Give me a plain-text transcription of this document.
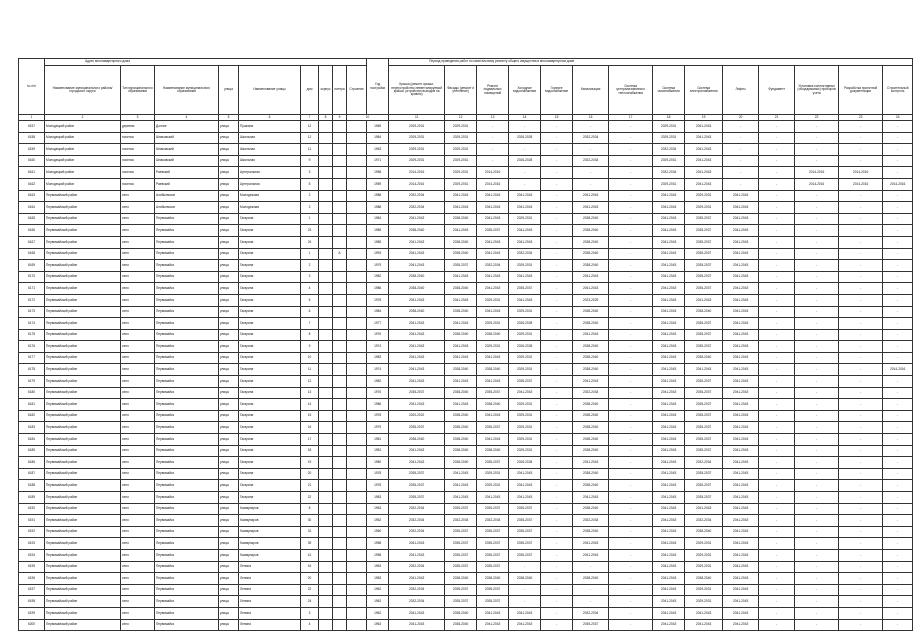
№ п/п	Адрес многоквартирного дома									Год постройки	Период проведения работ по капитальному ремонту общего имущества в многоквартирном доме													
	Наименование муниципального района/городского округа	Тип муниципального образования	Наименование муниципального образования	улица	Наименование улицы	дом	корпус	литера	Строение		Крыша (ремонт крыши, переустройство невентилируемой крыши, устройство выходов на кровлю)	Фасады (ремонт и утепление)	Ремонт подвальных помещений	Холодное водоснабжение	Горячее водоснабжение	Канализация	Система централизованного теплоснабжения	Система газоснабжения	Система электроснабжения	Лифты	Фундамент	Установка коллективных (общедомовых) приборов учета	Разработка проектной документации	Строительный контроль
1	2	3	4	5	6	7	8	9	10		11	12	13	14	15	16	17	18	19	20	21	22	23	24
6157	Молодецкий район	деревня	Долгие	улица	Пушкина	12				1965	2029-2031	2029-2031	-	-	-	-	-	2029-2031	2041-2043	-	-	-	-	-
6158	Молодецкий район	поселок	Шпаковский	улица	Школьная	12				1984	2029-2031	2029-2031	-	2026-2028	-	2032-2034	-	2029-2031	2041-2043	-	-	-	-	-
6159	Молодецкий район	поселок	Шпаковский	улица	Школьная	11				1963	2029-2031	2029-2031	-	-	-	-	-	2032-2034	2041-2043	-	-	-	-	-
6160	Молодецкий район	поселок	Шпаковский	улица	Школьная	9				1971	2029-2031	2029-2031	-	2026-2028	-	2032-2034	-	2029-2031	2041-2043	-	-	-	-	-
6161	Молодецкий район	поселок	Раевский	улица	Центральная	3				1958	2014-2016	2029-2031	2014-2016	-	-	-	-	2032-2034	2041-2043	-	-	2014-2016	2014-2016	-
6162	Молодецкий район	поселок	Раевский	улица	Центральная	5				1959	2014-2016	2029-2031	2014-2016	-	-	-	-	2029-2031	2041-2043	-	-	2014-2016	2014-2016	2014-2016
6163	Первомайский район	село	Алябьевское	улица	Молодежная	2				1988	2032-2034	2041-2043	2041-2043	2041-2043	-	2041-2043	-	2041-2043	2029-2031	2041-2043	-	-	-	-
6164	Первомайский район	село	Алябьевское	улица	Молодежная	3				1988	2032-2034	2041-2043	2041-2043	2041-2043	-	2041-2043	-	2041-2043	2029-2031	2041-2043	-	-	-	-
6165	Первомайский район	село	Первомайск	улица	Гагарина	1				1984	2041-2043	2038-2040	2041-2043	2029-2031	-	2038-2040	-	2041-2043	2035-2037	2041-2043	-	-	-	-
6166	Первомайский район	село	Первомайск	улица	Гагарина	23				1985	2038-2040	2041-2043	2035-2037	2041-2043	-	2038-2040	-	2041-2043	2035-2037	2041-2043	-	-	-	-
6167	Первомайский район	село	Первомайск	улица	Гагарина	24				1985	2041-2043	2038-2040	2041-2043	2041-2043	-	2038-2040	-	2041-2043	2035-2037	2041-2043	-	-	-	-
6168	Первомайский район	село	Первомайск	улица	Гагарина	1		А		1993	2041-2043	2038-2040	2041-2043	2032-2034	-	2038-2040	-	2041-2043	2035-2037	2041-2043	-	-	-	-
6169	Первомайский район	село	Первомайск	улица	Гагарина	2				1979	2041-2043	2035-2037	2032-2034	2029-2031	-	2038-2040	-	2041-2043	2035-2037	2041-2043	-	-	-	-
6170	Первомайский район	село	Первомайск	улица	Гагарина	3				1982	2038-2040	2041-2043	2041-2043	2041-2043	-	2041-2043	-	2041-2043	2035-2037	2041-2043	-	-	-	-
6171	Первомайский район	село	Первомайск	улица	Гагарина	4				1986	2038-2040	2038-2040	2041-2043	2035-2037	-	2041-2043	-	2041-2043	2035-2037	2041-2043	-	-	-	-
6172	Первомайский район	село	Первомайск	улица	Гагарина	5				1978	2041-2043	2041-2043	2029-2031	2041-2043	-	2023-2025	-	2041-2043	2041-2043	2041-2043	-	-	-	-
6173	Первомайский район	село	Первомайск	улица	Гагарина	6				1984	2038-2040	2038-2040	2041-2043	2029-2031	-	2038-2040	-	2041-2043	2038-2040	2041-2043	-	-	-	-
6174	Первомайский район	село	Первомайск	улица	Гагарина	7				1977	2041-2043	2041-2043	2029-2031	2026-2028	-	2038-2040	-	2041-2043	2035-2037	2041-2043	-	-	-	-
6175	Первомайский район	село	Первомайск	улица	Гагарина	8				1976	2041-2043	2038-2040	2038-2040	2029-2031	-	2041-2043	-	2041-2043	2035-2037	2041-2043	-	-	-	-
6176	Первомайский район	село	Первомайск	улица	Гагарина	9				1974	2041-2043	2041-2043	2029-2031	2026-2028	-	2038-2040	-	2041-2043	2035-2037	2041-2043	-	-	-	-
6177	Первомайский район	село	Первомайск	улица	Гагарина	10				1983	2041-2043	2041-2043	2041-2043	2029-2031	-	2038-2040	-	2041-2043	2038-2040	2041-2043	-	-	-	-
6178	Первомайский район	село	Первомайск	улица	Гагарина	11				1974	2041-2043	2038-2040	2038-2040	2029-2031	-	2038-2040	-	2041-2043	2041-2043	2041-2043	-	-	-	2014-2016
6179	Первомайский район	село	Первомайск	улица	Гагарина	12				1982	2041-2043	2041-2043	2041-2043	2035-2037	-	2041-2043	-	2041-2043	2035-2037	2041-2043	-	-	-	-
6180	Первомайский район	село	Первомайск	улица	Гагарина	13				1976	2035-2037	2038-2040	2035-2037	2041-2043	-	2032-2034	-	2041-2043	2035-2037	2041-2043	-	-	-	-
6181	Первомайский район	село	Первомайск	улица	Гагарина	14				1986	2041-2043	2041-2043	2038-2040	2029-2031	-	2038-2040	-	2041-2043	2035-2037	2041-2043	-	-	-	-
6182	Первомайский район	село	Первомайск	улица	Гагарина	15				1978	2020-2022	2038-2040	2041-2043	2029-2031	-	2038-2040	-	2041-2043	2035-2037	2041-2043	-	-	-	-
6183	Первомайский район	село	Первомайск	улица	Гагарина	16				1979	2035-2037	2038-2040	2035-2037	2029-2031	-	2038-2040	-	2041-2043	2035-2037	2041-2043	-	-	-	-
6184	Первомайский район	село	Первомайск	улица	Гагарина	17				1981	2038-2040	2038-2040	2041-2043	2029-2031	-	2038-2040	-	2041-2043	2035-2037	2041-2043	-	-	-	-
6185	Первомайский район	село	Первомайск	улица	Гагарина	18				1981	2041-2043	2038-2040	2038-2040	2029-2031	-	2038-2040	-	2041-2043	2035-2037	2041-2043	-	-	-	-
6186	Первомайский район	село	Первомайск	улица	Гагарина	19				1980	2041-2043	2038-2040	2035-2037	2026-2028	-	2041-2043	-	2041-2043	2032-2034	2041-2043	-	-	-	-
6187	Первомайский район	село	Первомайск	улица	Гагарина	20				1978	2035-2037	2041-2043	2029-2031	2041-2043	-	2038-2040	-	2041-2043	2035-2037	2041-2043	-	-	-	-
6188	Первомайский район	село	Первомайск	улица	Гагарина	21				1978	2035-2037	2041-2043	2029-2031	2041-2043	-	2038-2040	-	2041-2043	2035-2037	2041-2043	-	-	-	-
6189	Первомайский район	село	Первомайск	улица	Гагарина	22				1983	2035-2037	2041-2043	2041-2043	2041-2043	-	2041-2043	-	2041-2043	2035-2037	2041-2043	-	-	-	-
6190	Первомайский район	село	Первомайск	улица	Коммунаров	8				1963	2032-2034	2035-2037	2035-2037	2035-2037	-	2038-2040	-	2041-2043	2041-2043	2041-2043	-	-	-	-
6191	Первомайский район	село	Первомайск	улица	Коммунаров	30				1952	2032-2034	2032-2034	2032-2034	2035-2037	-	2032-2034	-	2041-2043	2032-2034	2041-2043	-	-	-	-
6192	Первомайский район	село	Первомайск	улица	Коммунаров	31				1960	2032-2034	2035-2037	2035-2037	2035-2037	-	2038-2040	-	2041-2043	2038-2040	2041-2043	-	-	-	-
6193	Первомайский район	село	Первомайск	улица	Коммунаров	39				1958	2041-2043	2035-2037	2035-2037	2035-2037	-	2041-2043	-	2041-2043	2029-2031	2041-2043	-	-	-	-
6194	Первомайский район	село	Первомайск	улица	Коммунаров	41				1958	2041-2043	2035-2037	2035-2037	2035-2037	-	2041-2043	-	2041-2043	2029-2031	2041-2043	-	-	-	-
6195	Первомайский район	село	Первомайск	улица	Ленина	16				1963	2032-2034	2035-2037	2035-2037	-	-	-	-	2041-2043	2029-2031	2041-2043	-	-	-	-
6196	Первомайский район	село	Первомайск	улица	Ленина	20				1983	2041-2043	2038-2040	2038-2040	2038-2040	-	2038-2040	-	2041-2043	2038-2040	2041-2043	-	-	-	-
6197	Первомайский район	село	Первомайск	улица	Ленина	22				1962	2032-2034	2035-2037	2035-2037	-	-	-	-	2041-2043	2029-2031	2041-2043	-	-	-	-
6198	Первомайский район	село	Первомайск	улица	Ленина	24				1962	2032-2034	2035-2037	2035-2037	-	-	-	-	2041-2043	2029-2031	2041-2043	-	-	-	-
6199	Первомайский район	село	Первомайск	улица	Ленина	3				1962	2041-2043	2038-2040	2041-2043	2041-2043	-	2032-2034	-	2041-2043	2041-2043	2041-2043	-	-	-	-
6200	Первомайский район	село	Первомайск	улица	Ленина	4				1963	2041-2043	2038-2040	2041-2043	2041-2043	-	2035-2037	-	2041-2043	2041-2043	2041-2043	-	-	-	-
